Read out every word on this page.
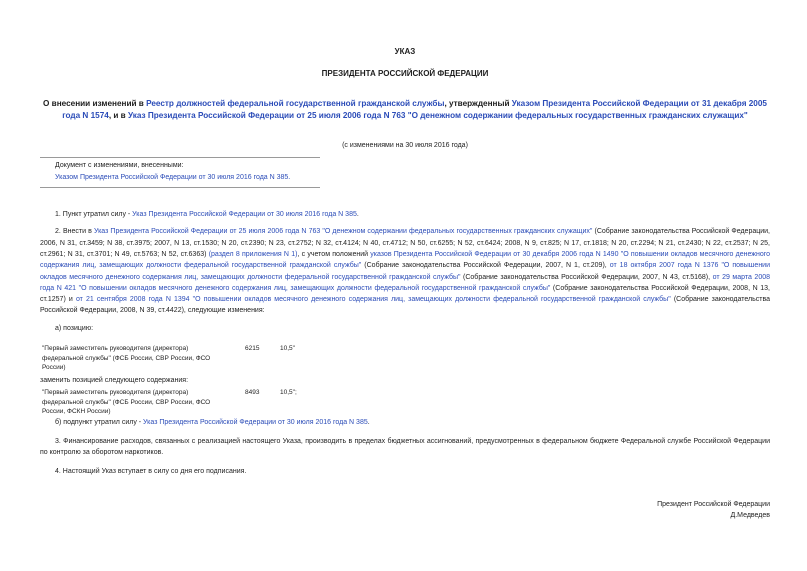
УКАЗ
ПРЕЗИДЕНТА РОССИЙСКОЙ ФЕДЕРАЦИИ
О внесении изменений в Реестр должностей федеральной государственной гражданской службы, утвержденный Указом Президента Российской Федерации от 31 декабря 2005 года N 1574, и в Указ Президента Российской Федерации от 25 июля 2006 года N 763 "О денежном содержании федеральных государственных гражданских служащих"
(с изменениями на 30 июля 2016 года)
Документ с изменениями, внесенными:
Указом Президента Российской Федерации от 30 июля 2016 года N 385.
1. Пункт утратил силу - Указ Президента Российской Федерации от 30 июля 2016 года N 385.
2. Внести в Указ Президента Российской Федерации от 25 июля 2006 года N 763 "О денежном содержании федеральных государственных гражданских служащих" (Собрание законодательства Российской Федерации, 2006, N 31, ст.3459; N 38, ст.3975; 2007, N 13, ст.1530; N 20, ст.2390; N 23, ст.2752; N 32, ст.4124; N 40, ст.4712; N 50, ст.6255; N 52, ст.6424; 2008, N 9, ст.825; N 17, ст.1818; N 20, ст.2294; N 21, ст.2430; N 22, ст.2537; N 25, ст.2961; N 31, ст.3701; N 49, ст.5763; N 52, ст.6363) (раздел 8 приложения N 1), с учетом положений указов Президента Российской Федерации от 30 декабря 2006 года N 1490 "О повышении окладов месячного денежного содержания лиц, замещающих должности федеральной государственной гражданской службы" (Собрание законодательства Российской Федерации, 2007, N 1, ст.209), от 18 октября 2007 года N 1376 "О повышении окладов месячного денежного содержания лиц, замещающих должности федеральной государственной гражданской службы" (Собрание законодательства Российской Федерации, 2007, N 43, ст.5168), от 29 марта 2008 года N 421 "О повышении окладов месячного денежного содержания лиц, замещающих должности федеральной государственной гражданской службы" (Собрание законодательства Российской Федерации, 2008, N 13, ст.1257) и от 21 сентября 2008 года N 1394 "О повышении окладов месячного денежного содержания лиц, замещающих должности федеральной государственной гражданской службы" (Собрание законодательства Российской Федерации, 2008, N 39, ст.4422), следующие изменения:
а) позицию:
"Первый заместитель руководителя (директора) федеральной службы" (ФСБ России, СВР России, ФСО России)
6215	10,5"
заменить позицией следующего содержания:
"Первый заместитель руководителя (директора) федеральной службы" (ФСБ России, СВР России, ФСО России, ФСКН России)
8493	10,5";
б) подпункт утратил силу - Указ Президента Российской Федерации от 30 июля 2016 года N 385.
3. Финансирование расходов, связанных с реализацией настоящего Указа, производить в пределах бюджетных ассигнований, предусмотренных в федеральном бюджете Федеральной службе Российской Федерации по контролю за оборотом наркотиков.
4. Настоящий Указ вступает в силу со дня его подписания.
Президент Российской Федерации
Д.Медведев
